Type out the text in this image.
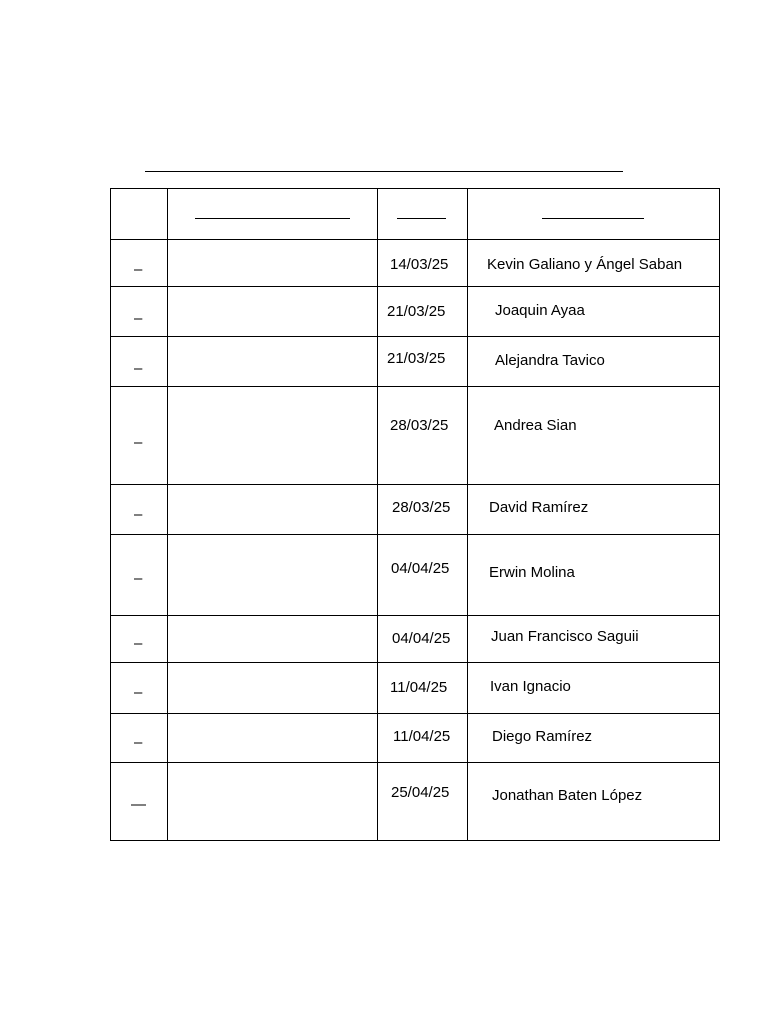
–		14/03/25	Kevin Galiano y Ángel Saban

–		21/03/25	Joaquin Ayaa

–		21/03/25	Alejandra Tavico

–		28/03/25	Andrea Sian

–		28/03/25	David Ramírez

–		04/04/25	Erwin Molina

–		04/04/25	Juan Francisco Saguii

–		11/04/25	Ivan Ignacio

–		11/04/25	Diego Ramírez

—		25/04/25	Jonathan Baten López
